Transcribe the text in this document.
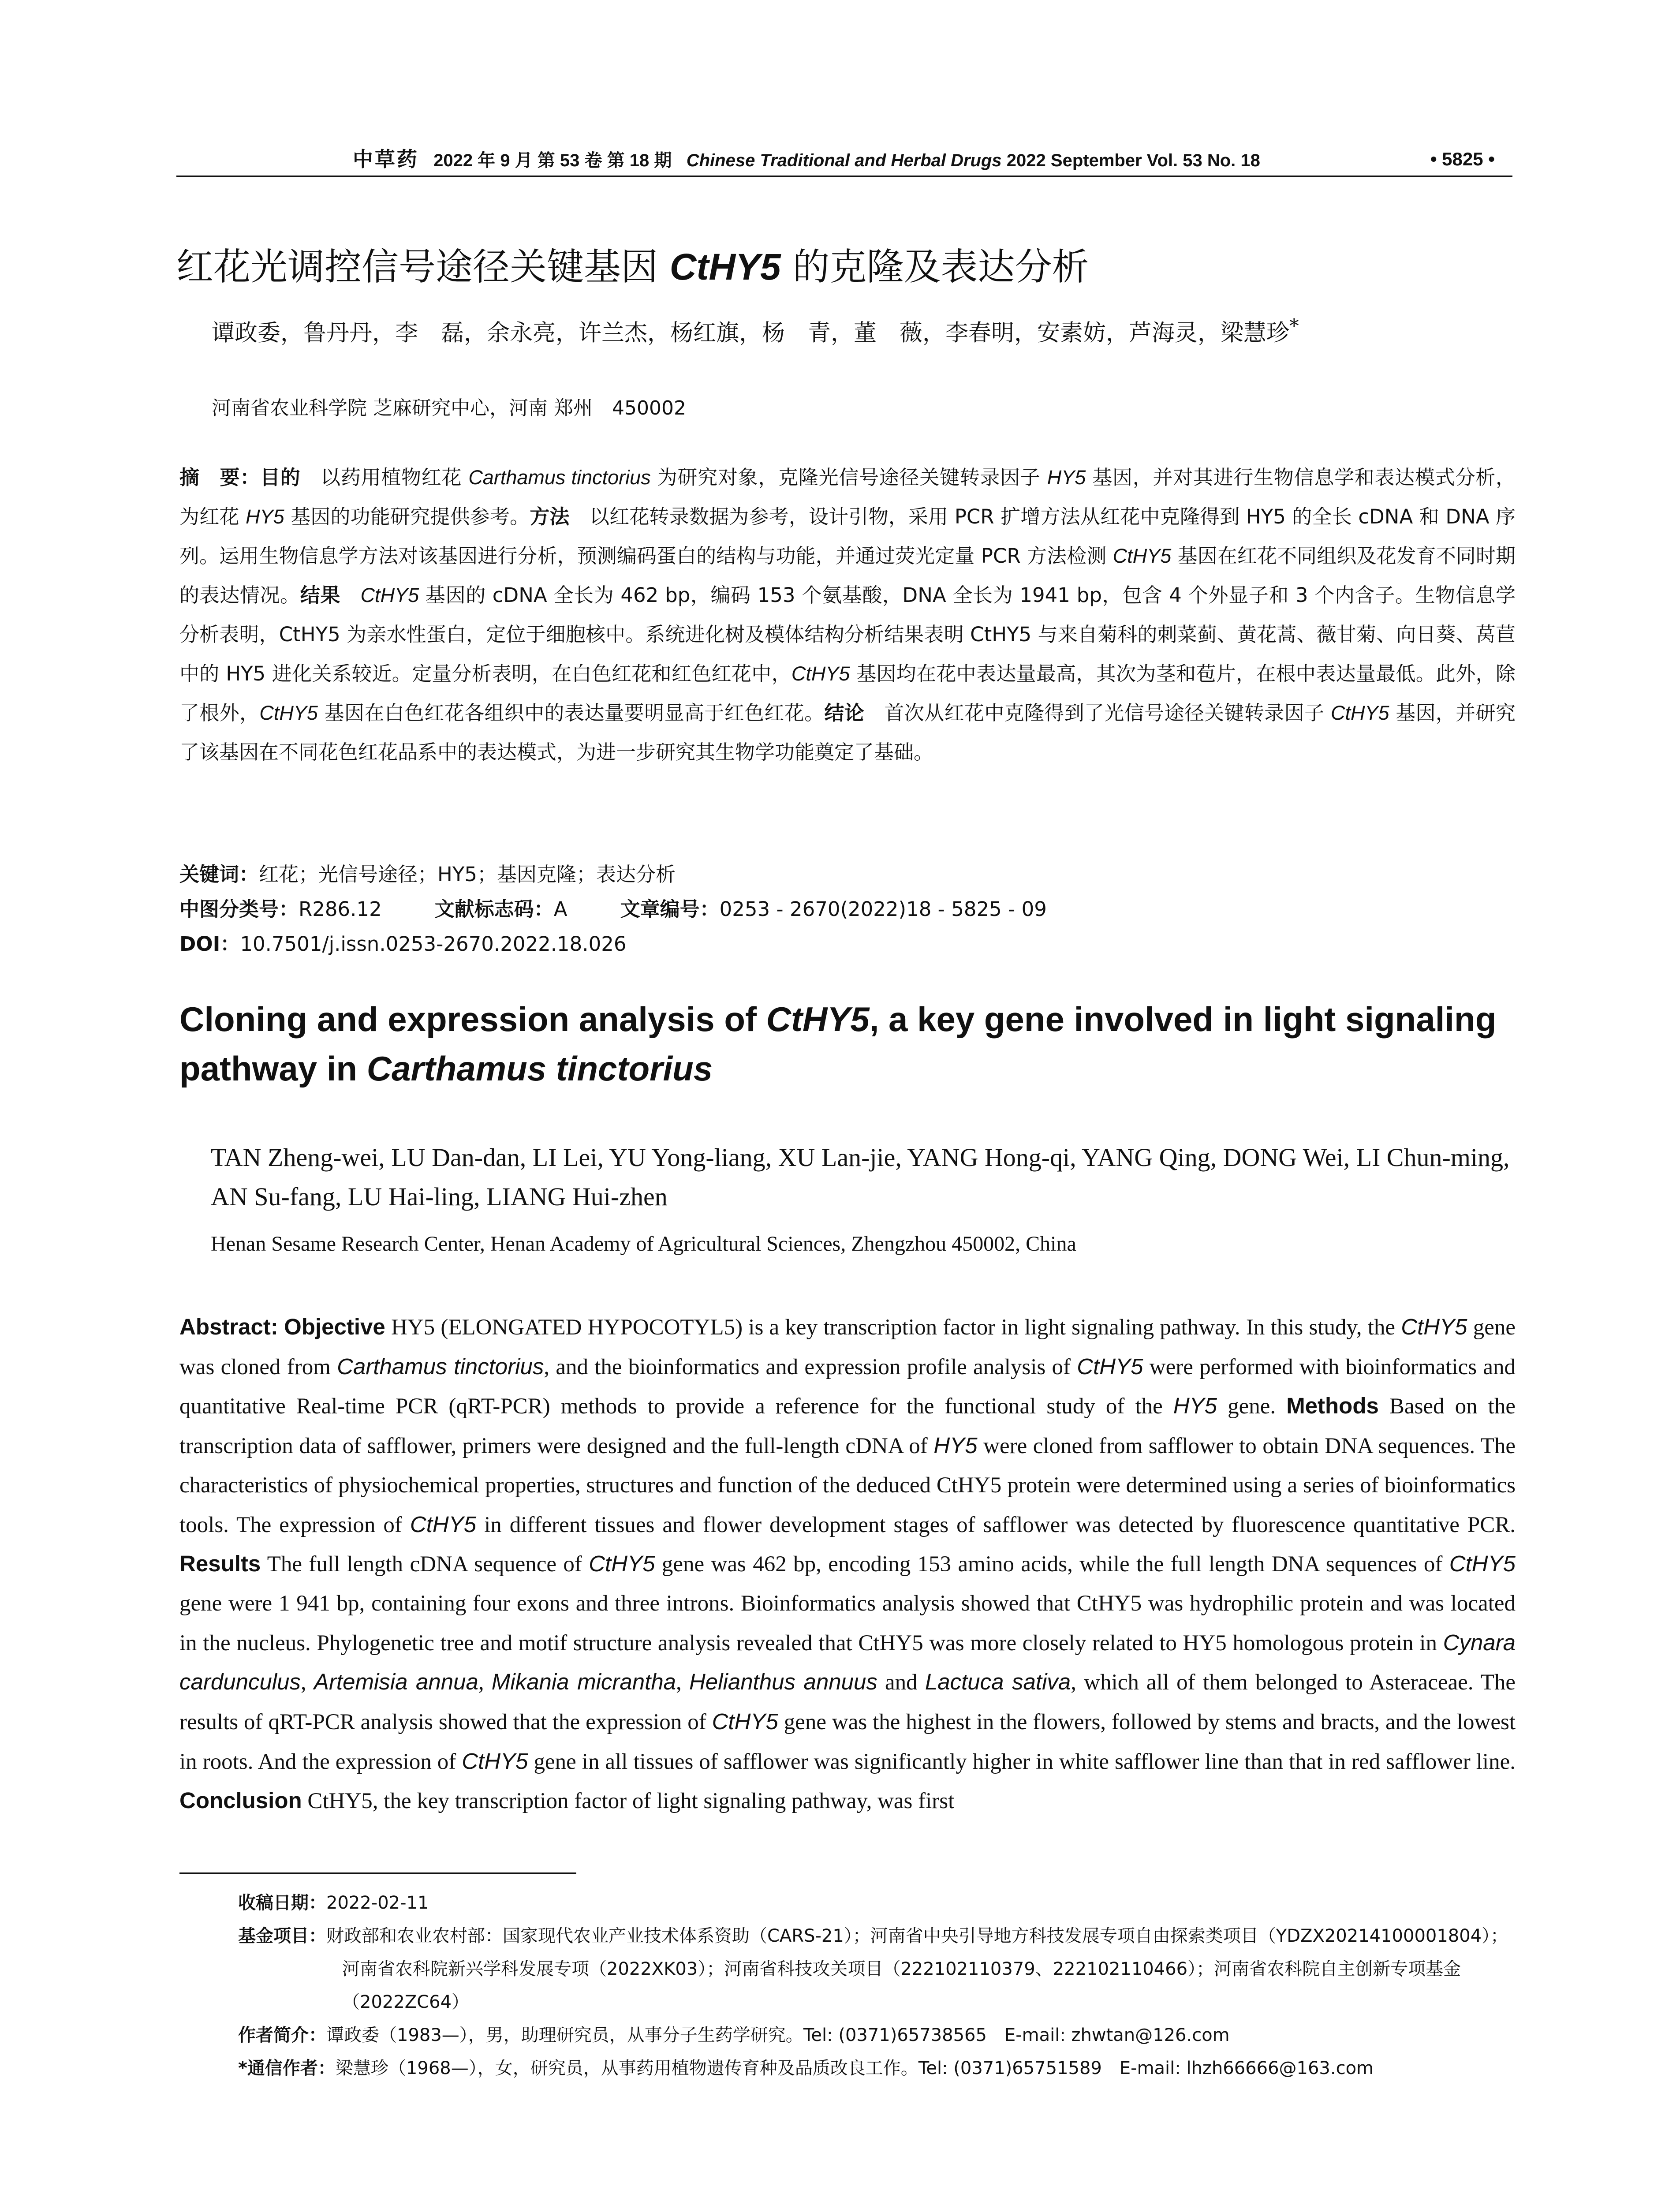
中草药 2022 年 9 月 第 53 卷 第 18 期 Chinese Traditional and Herbal Drugs 2022 September Vol. 53 No. 18	• 5825 •
红花光调控信号途径关键基因 CtHY5 的克隆及表达分析
谭政委，鲁丹丹，李　磊，余永亮，许兰杰，杨红旗，杨　青，董　薇，李春明，安素妨，芦海灵，梁慧珍*
河南省农业科学院 芝麻研究中心，河南 郑州　450002
摘　要：目的　以药用植物红花 Carthamus tinctorius 为研究对象，克隆光信号途径关键转录因子 HY5 基因，并对其进行生物信息学和表达模式分析，为红花 HY5 基因的功能研究提供参考。方法　以红花转录数据为参考，设计引物，采用 PCR 扩增方法从红花中克隆得到 HY5 的全长 cDNA 和 DNA 序列。运用生物信息学方法对该基因进行分析，预测编码蛋白的结构与功能，并通过荧光定量 PCR 方法检测 CtHY5 基因在红花不同组织及花发育不同时期的表达情况。结果　 CtHY5 基因的 cDNA 全长为 462 bp，编码 153 个氨基酸，DNA 全长为 1941 bp，包含 4 个外显子和 3 个内含子。生物信息学分析表明，CtHY5 为亲水性蛋白，定位于细胞核中。系统进化树及模体结构分析结果表明 CtHY5 与来自菊科的刺菜蓟、黄花蒿、薇甘菊、向日葵、莴苣中的 HY5 进化关系较近。定量分析表明，在白色红花和红色红花中，CtHY5 基因均在花中表达量最高，其次为茎和苞片，在根中表达量最低。此外，除了根外，CtHY5 基因在白色红花各组织中的表达量要明显高于红色红花。结论　首次从红花中克隆得到了光信号途径关键转录因子 CtHY5 基因，并研究了该基因在不同花色红花品系中的表达模式，为进一步研究其生物学功能奠定了基础。
关键词：红花；光信号途径；HY5；基因克隆；表达分析
中图分类号：R286.12	文献标志码：A	文章编号：0253 - 2670(2022)18 - 5825 - 09
DOI：10.7501/j.issn.0253-2670.2022.18.026
Cloning and expression analysis of CtHY5, a key gene involved in light signaling pathway in Carthamus tinctorius
TAN Zheng-wei, LU Dan-dan, LI Lei, YU Yong-liang, XU Lan-jie, YANG Hong-qi, YANG Qing, DONG Wei, LI Chun-ming, AN Su-fang, LU Hai-ling, LIANG Hui-zhen
Henan Sesame Research Center, Henan Academy of Agricultural Sciences, Zhengzhou 450002, China
Abstract: Objective HY5 (ELONGATED HYPOCOTYL5) is a key transcription factor in light signaling pathway. In this study, the CtHY5 gene was cloned from Carthamus tinctorius, and the bioinformatics and expression profile analysis of CtHY5 were performed with bioinformatics and quantitative Real-time PCR (qRT-PCR) methods to provide a reference for the functional study of the HY5 gene. Methods Based on the transcription data of safflower, primers were designed and the full-length cDNA of HY5 were cloned from safflower to obtain DNA sequences. The characteristics of physiochemical properties, structures and function of the deduced CtHY5 protein were determined using a series of bioinformatics tools. The expression of CtHY5 in different tissues and flower development stages of safflower was detected by fluorescence quantitative PCR. Results The full length cDNA sequence of CtHY5 gene was 462 bp, encoding 153 amino acids, while the full length DNA sequences of CtHY5 gene were 1 941 bp, containing four exons and three introns. Bioinformatics analysis showed that CtHY5 was hydrophilic protein and was located in the nucleus. Phylogenetic tree and motif structure analysis revealed that CtHY5 was more closely related to HY5 homologous protein in Cynara cardunculus, Artemisia annua, Mikania micrantha, Helianthus annuus and Lactuca sativa, which all of them belonged to Asteraceae. The results of qRT-PCR analysis showed that the expression of CtHY5 gene was the highest in the flowers, followed by stems and bracts, and the lowest in roots. And the expression of CtHY5 gene in all tissues of safflower was significantly higher in white safflower line than that in red safflower line. Conclusion CtHY5, the key transcription factor of light signaling pathway, was first
收稿日期：2022-02-11
基金项目：财政部和农业农村部：国家现代农业产业技术体系资助（CARS-21）；河南省中央引导地方科技发展专项自由探索类项目（YDZX20214100001804）；河南省农科院新兴学科发展专项（2022XK03）；河南省科技攻关项目（222102110379、222102110466）；河南省农科院自主创新专项基金（2022ZC64）
作者简介：谭政委（1983—），男，助理研究员，从事分子生药学研究。Tel: (0371)65738565　E-mail: zhwtan@126.com
*通信作者：梁慧珍（1968—），女，研究员，从事药用植物遗传育种及品质改良工作。Tel: (0371)65751589　E-mail: lhzh66666@163.com
